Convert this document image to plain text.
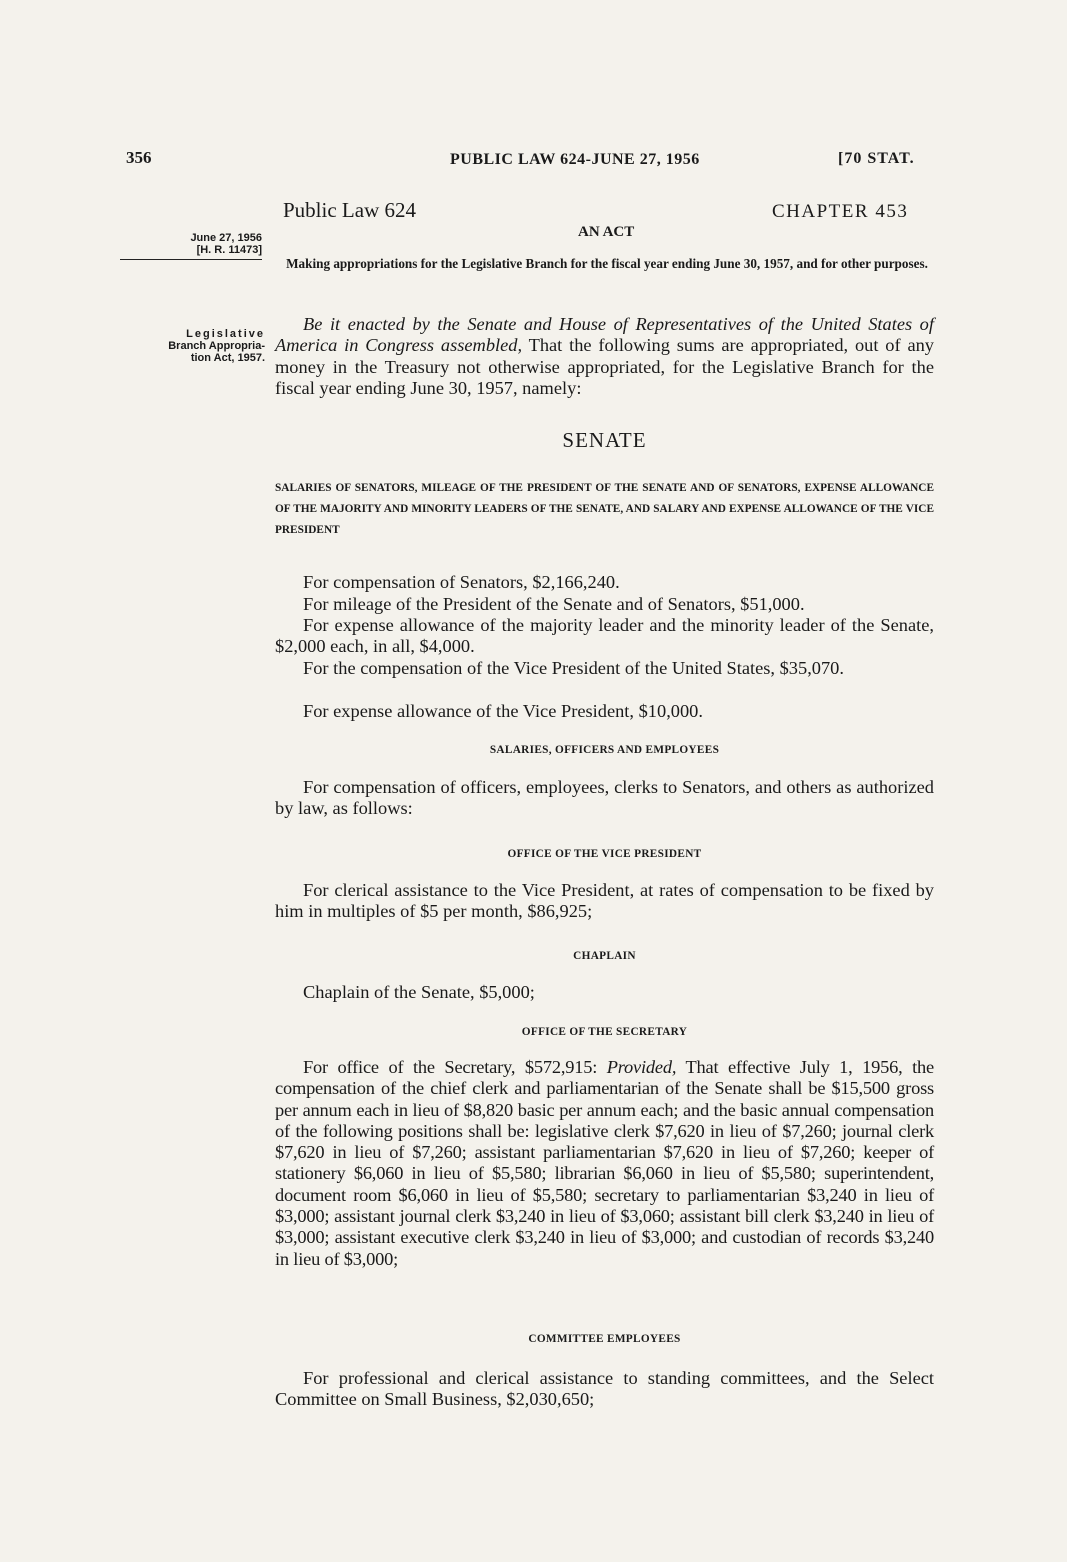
356	PUBLIC LAW 624-JUNE 27, 1956	[70 STAT.
Public Law 624	CHAPTER 453
AN ACT
Making appropriations for the Legislative Branch for the fiscal year ending June 30, 1957, and for other purposes.
June 27, 1956
[H. R. 11473]
Legislative
Branch Appropria-
tion Act, 1957.

Be it enacted by the Senate and House of Representatives of the United States of America in Congress assembled, That the following sums are appropriated, out of any money in the Treasury not otherwise appropriated, for the Legislative Branch for the fiscal year ending June 30, 1957, namely:

SENATE

SALARIES OF SENATORS, MILEAGE OF THE PRESIDENT OF THE SENATE AND OF SENATORS, EXPENSE ALLOWANCE OF THE MAJORITY AND MINORITY LEADERS OF THE SENATE, AND SALARY AND EXPENSE ALLOWANCE OF THE VICE PRESIDENT

For compensation of Senators, $2,166,240.

For mileage of the President of the Senate and of Senators, $51,000.

For expense allowance of the majority leader and the minority leader of the Senate, $2,000 each, in all, $4,000.

For the compensation of the Vice President of the United States, $35,070.

For expense allowance of the Vice President, $10,000.

SALARIES, OFFICERS AND EMPLOYEES

For compensation of officers, employees, clerks to Senators, and others as authorized by law, as follows:

OFFICE OF THE VICE PRESIDENT

For clerical assistance to the Vice President, at rates of compensation to be fixed by him in multiples of $5 per month, $86,925;

CHAPLAIN

Chaplain of the Senate, $5,000;

OFFICE OF THE SECRETARY

For office of the Secretary, $572,915: Provided, That effective July 1, 1956, the compensation of the chief clerk and parliamentarian of the Senate shall be $15,500 gross per annum each in lieu of $8,820 basic per annum each; and the basic annual compensation of the following positions shall be: legislative clerk $7,620 in lieu of $7,260; journal clerk $7,620 in lieu of $7,260; assistant parliamentarian $7,620 in lieu of $7,260; keeper of stationery $6,060 in lieu of $5,580; librarian $6,060 in lieu of $5,580; superintendent, document room $6,060 in lieu of $5,580; secretary to parliamentarian $3,240 in lieu of $3,000; assistant journal clerk $3,240 in lieu of $3,060; assistant bill clerk $3,240 in lieu of $3,000; assistant executive clerk $3,240 in lieu of $3,000; and custodian of records $3,240 in lieu of $3,000;

COMMITTEE EMPLOYEES

For professional and clerical assistance to standing committees, and the Select Committee on Small Business, $2,030,650;
